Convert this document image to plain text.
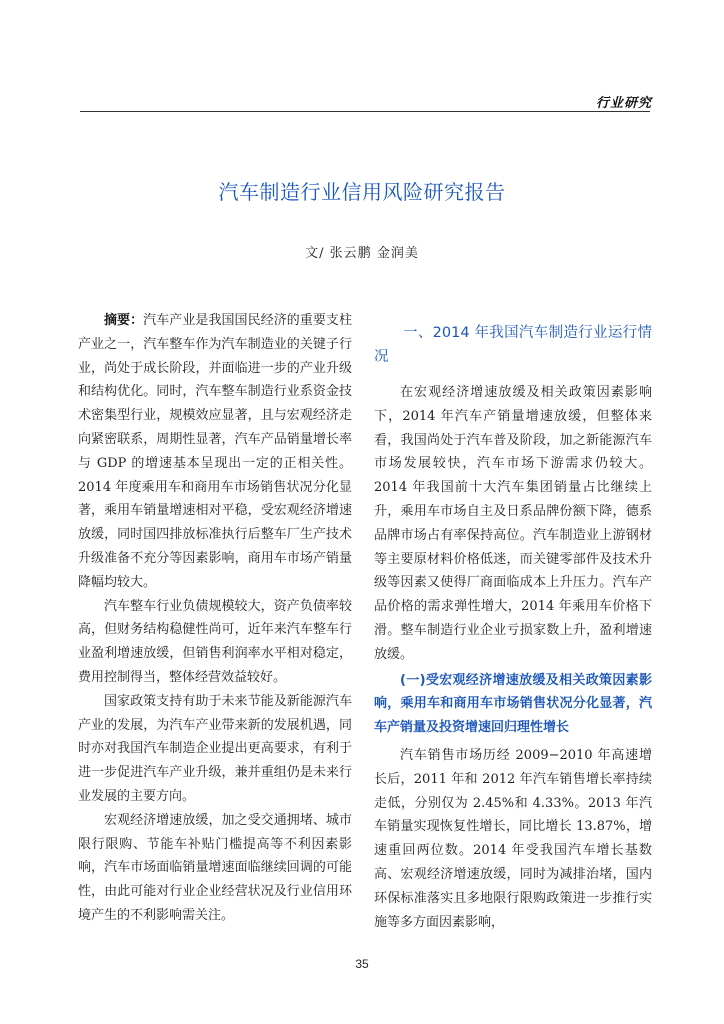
行业研究
汽车制造行业信用风险研究报告
文/ 张云鹏 金润美

摘要：汽车产业是我国国民经济的重要支柱产业之一，汽车整车作为汽车制造业的关键子行业，尚处于成长阶段，并面临进一步的产业升级和结构优化。同时，汽车整车制造行业系资金技术密集型行业，规模效应显著，且与宏观经济走向紧密联系，周期性显著，汽车产品销量增长率与 GDP 的增速基本呈现出一定的正相关性。2014 年度乘用车和商用车市场销售状况分化显著，乘用车销量增速相对平稳，受宏观经济增速放缓，同时国四排放标准执行后整车厂生产技术升级准备不充分等因素影响，商用车市场产销量降幅均较大。

汽车整车行业负债规模较大，资产负债率较高，但财务结构稳健性尚可，近年来汽车整车行业盈利增速放缓，但销售利润率水平相对稳定，费用控制得当，整体经营效益较好。

国家政策支持有助于未来节能及新能源汽车产业的发展，为汽车产业带来新的发展机遇，同时亦对我国汽车制造企业提出更高要求，有利于进一步促进汽车产业升级，兼并重组仍是未来行业发展的主要方向。

宏观经济增速放缓，加之受交通拥堵、城市限行限购、节能车补贴门槛提高等不利因素影响，汽车市场面临销量增速面临继续回调的可能性，由此可能对行业企业经营状况及行业信用环境产生的不利影响需关注。

一、2014 年我国汽车制造行业运行情况

在宏观经济增速放缓及相关政策因素影响下，2014 年汽车产销量增速放缓，但整体来看，我国尚处于汽车普及阶段，加之新能源汽车市场发展较快，汽车市场下游需求仍较大。2014 年我国前十大汽车集团销量占比继续上升，乘用车市场自主及日系品牌份额下降，德系品牌市场占有率保持高位。汽车制造业上游钢材等主要原材料价格低迷，而关键零部件及技术升级等因素又使得厂商面临成本上升压力。汽车产品价格的需求弹性增大，2014 年乘用车价格下滑。整车制造行业企业亏损家数上升，盈利增速放缓。

(一)受宏观经济增速放缓及相关政策因素影响，乘用车和商用车市场销售状况分化显著，汽车产销量及投资增速回归理性增长

汽车销售市场历经 2009−2010 年高速增长后，2011 年和 2012 年汽车销售增长率持续走低，分别仅为 2.45%和 4.33%。2013 年汽车销量实现恢复性增长，同比增长 13.87%，增速重回两位数。2014 年受我国汽车增长基数高、宏观经济增速放缓，同时为减排治堵，国内环保标准落实且多地限行限购政策进一步推行实施等多方面因素影响，

35
